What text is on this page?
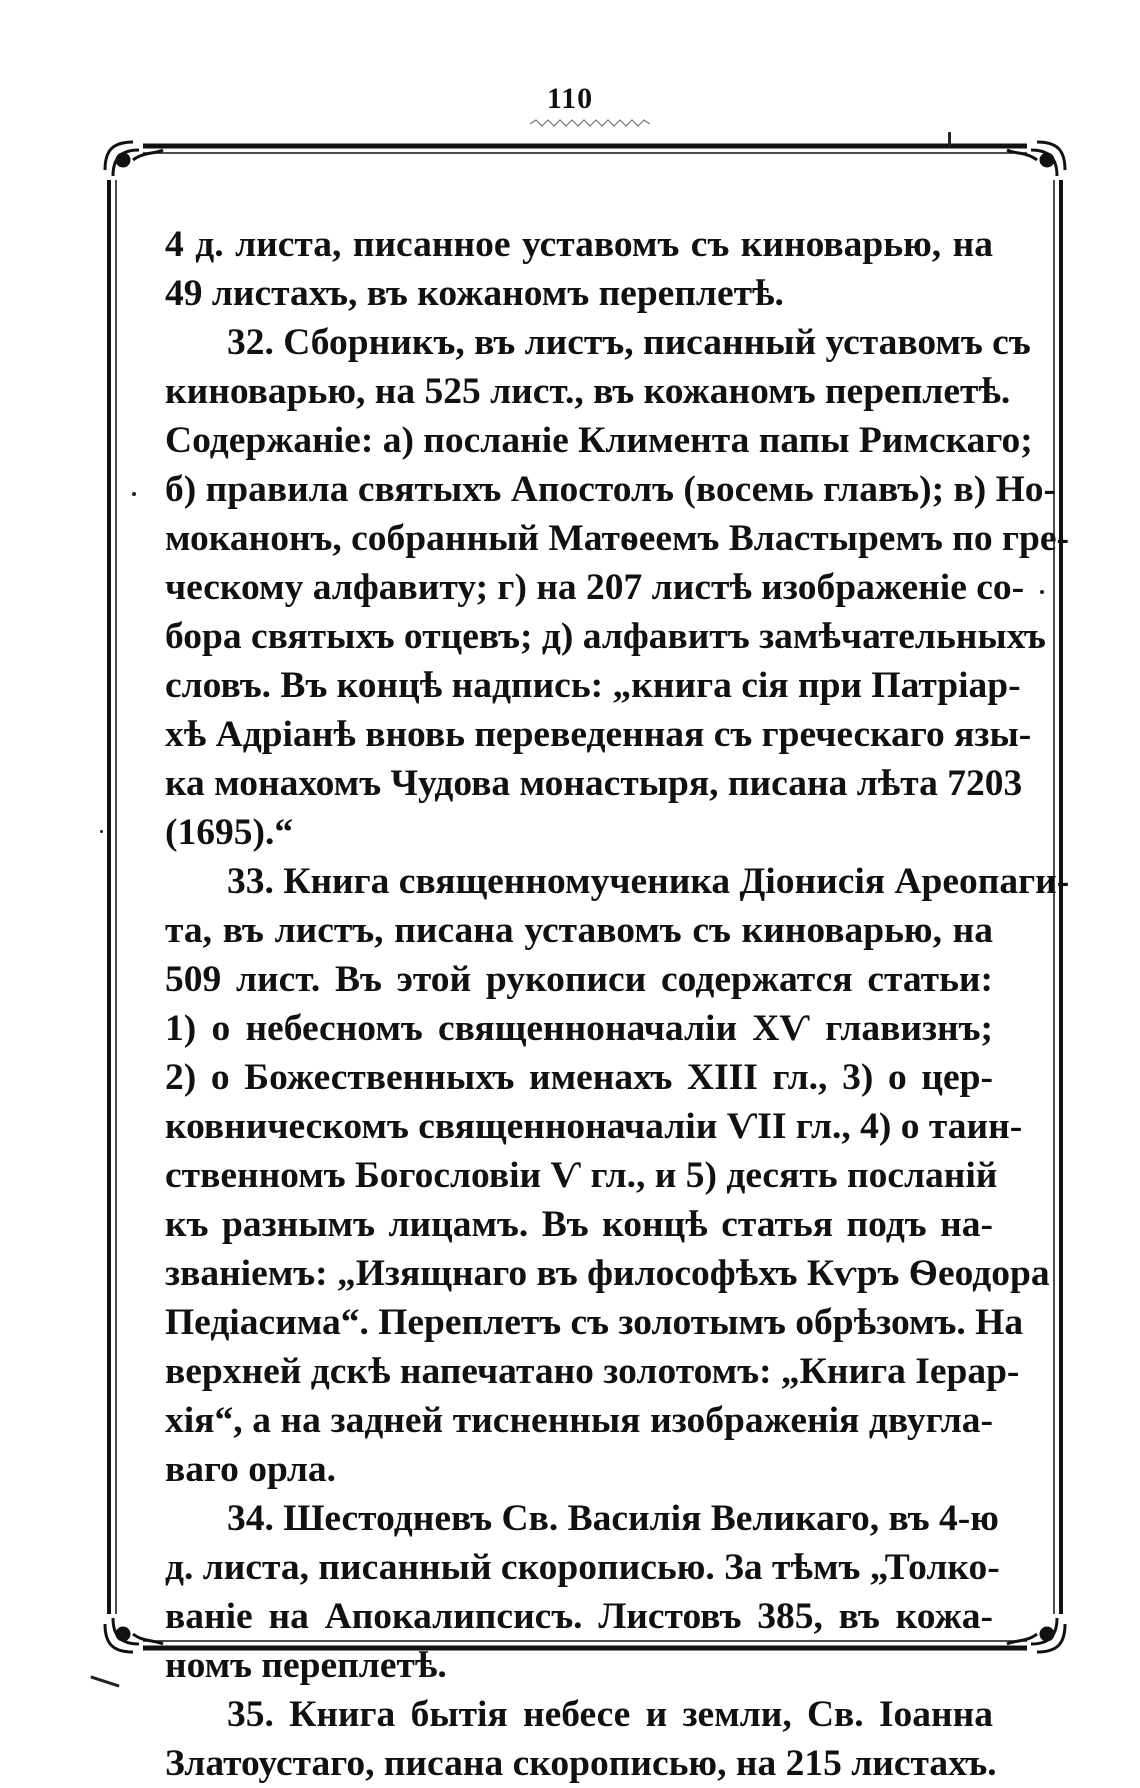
110
4 д. листа, писанное уставомъ съ киноварью, на
49 листахъ, въ кожаномъ переплетѣ.
32. Сборникъ, въ листъ, писанный уставомъ съ
киноварью, на 525 лист., въ кожаномъ переплетѣ.
Содержаніе: а) посланіе Климента папы Римскаго;
б) правила святыхъ Апостолъ (восемь главъ); в) Но-
моканонъ, собранный Матѳеемъ Властыремъ по гре-
ческому алфавиту; г) на 207 листѣ изображеніе со-
бора святыхъ отцевъ; д) алфавитъ замѣчательныхъ
словъ. Въ концѣ надпись: „книга сія при Патріар-
хѣ Адріанѣ вновь переведенная съ греческаго язы-
ка монахомъ Чудова монастыря, писана лѣта 7203
(1695).“
33. Книга священномученика Діонисія Ареопаги-
та, въ листъ, писана уставомъ съ киноварью, на
509 лист. Въ этой рукописи содержатся статьи:
1) о небесномъ священноначаліи XѴ главизнъ;
2) о Божественныхъ именахъ XIII гл., 3) о цер-
ковническомъ священноначаліи ѴII гл., 4) о таин-
ственномъ Богословіи Ѵ гл., и 5) десять посланій
къ разнымъ лицамъ. Въ концѣ статья подъ на-
званіемъ: „Изящнаго въ философѣхъ Кѵръ Ѳеодора
Педіасима“. Переплетъ съ золотымъ обрѣзомъ. На
верхней дскѣ напечатано золотомъ: „Книга Іерар-
хія“, а на задней тисненныя изображенія двугла-
ваго орла.
34. Шестодневъ Св. Василія Великаго, въ 4-ю
д. листа, писанный скорописью. За тѣмъ „Толко-
ваніе на Апокалипсисъ. Листовъ 385, въ кожа-
номъ переплетѣ.
35. Книга бытія небесе и земли, Св. Іоанна
Златоустаго, писана скорописью, на 215 листахъ.
